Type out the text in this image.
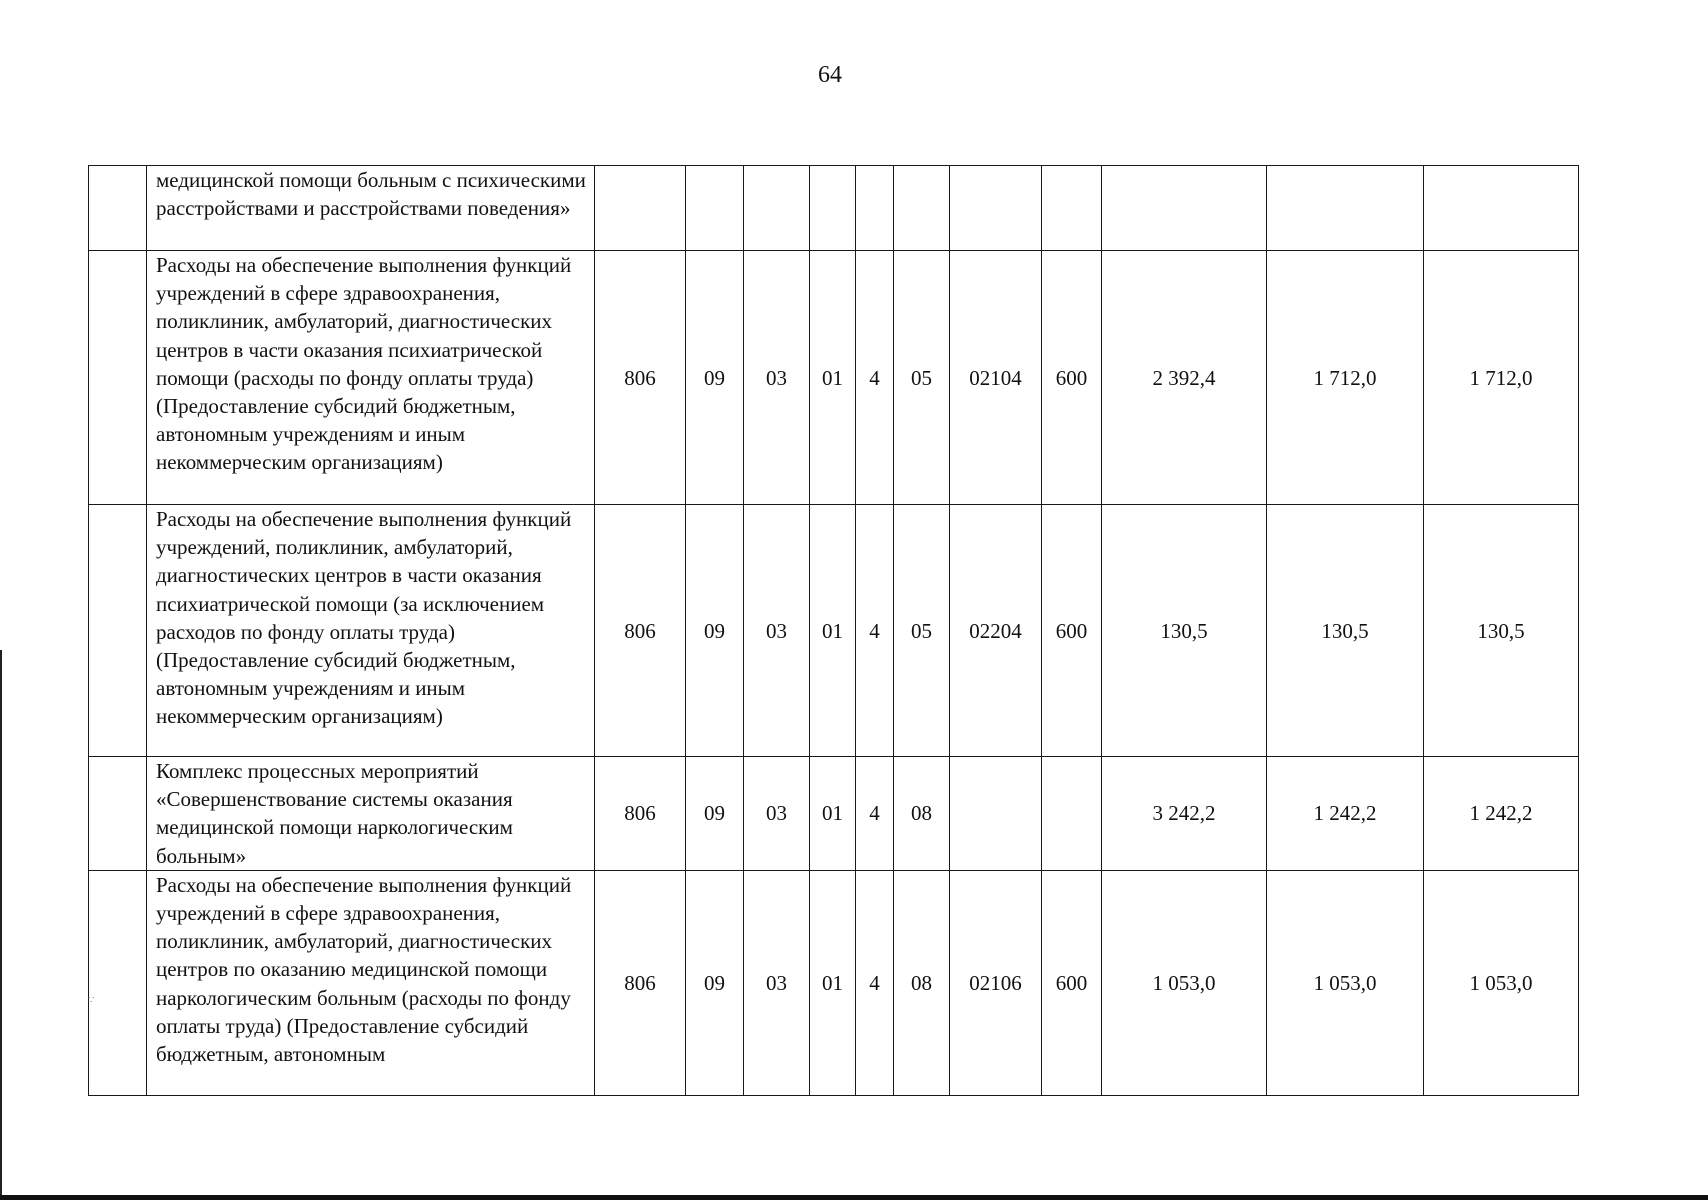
64
	медицинской помощи больным с психическими расстройствами и расстройствами поведения»											
	Расходы на обеспечение выполнения функций учреждений в сфере здравоохранения, поликлиник, амбулаторий, диагностических центров в части оказания психиатрической помощи (расходы по фонду оплаты труда) (Предоставление субсидий бюджетным, автономным учреждениям и иным некоммерческим организациям)	806	09	03	01	4	05	02104	600	2 392,4	1 712,0	1 712,0
	Расходы на обеспечение выполнения функций учреждений, поликлиник, амбулаторий, диагностических центров в части оказания психиатрической помощи (за исключением расходов по фонду оплаты труда) (Предоставление субсидий бюджетным, автономным учреждениям и иным некоммерческим организациям)	806	09	03	01	4	05	02204	600	130,5	130,5	130,5
	Комплекс процессных мероприятий «Совершенствование системы оказания медицинской помощи наркологическим больным»	806	09	03	01	4	08			3 242,2	1 242,2	1 242,2
	Расходы на обеспечение выполнения функций учреждений в сфере здравоохранения, поликлиник, амбулаторий, диагностических центров по оказанию медицинской помощи наркологическим больным (расходы по фонду оплаты труда) (Предоставление субсидий бюджетным, автономным	806	09	03	01	4	08	02106	600	1 053,0	1 053,0	1 053,0
∵
